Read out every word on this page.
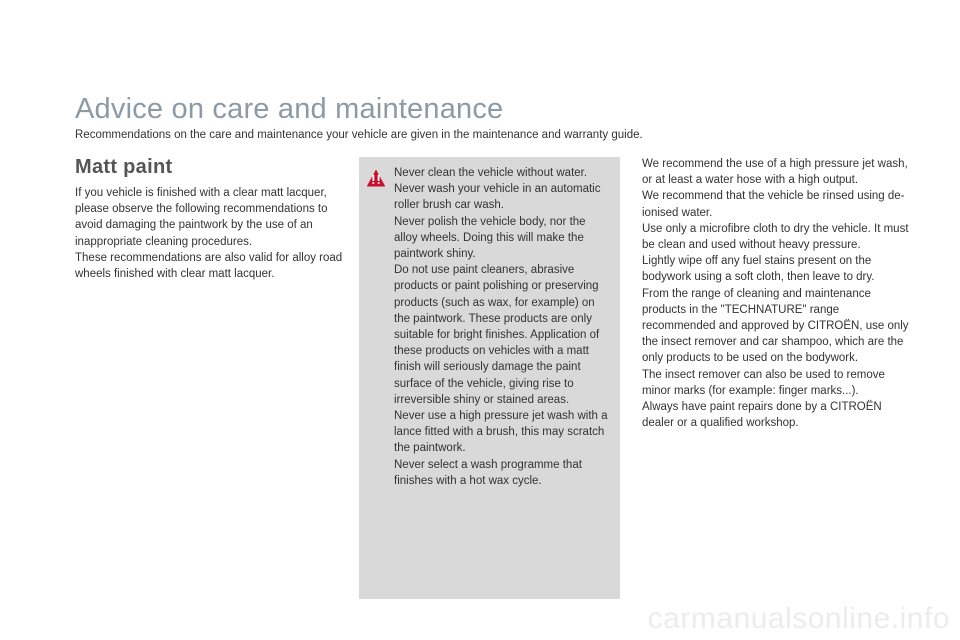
Advice on care and maintenance
Recommendations on the care and maintenance your vehicle are given in the maintenance and warranty guide.
Matt paint

If you vehicle is finished with a clear matt lacquer, please observe the following recommendations to avoid damaging the paintwork by the use of an inappropriate cleaning procedures.

These recommendations are also valid for alloy road wheels finished with clear matt lacquer.

Never clean the vehicle without water.

Never wash your vehicle in an automatic roller brush car wash.

Never polish the vehicle body, nor the alloy wheels. Doing this will make the paintwork shiny.

Do not use paint cleaners, abrasive products or paint polishing or preserving products (such as wax, for example) on the paintwork. These products are only suitable for bright finishes. Application of these products on vehicles with a matt finish will seriously damage the paint surface of the vehicle, giving rise to irreversible shiny or stained areas.

Never use a high pressure jet wash with a lance fitted with a brush, this may scratch the paintwork.

Never select a wash programme that finishes with a hot wax cycle.

We recommend the use of a high pressure jet wash, or at least a water hose with a high output.

We recommend that the vehicle be rinsed using de-ionised water.

Use only a microfibre cloth to dry the vehicle. It must be clean and used without heavy pressure.

Lightly wipe off any fuel stains present on the bodywork using a soft cloth, then leave to dry.

From the range of cleaning and maintenance products in the "TECHNATURE" range recommended and approved by CITROËN, use only the insect remover and car shampoo, which are the only products to be used on the bodywork.

The insect remover can also be used to remove minor marks (for example: finger marks...).

Always have paint repairs done by a CITROËN dealer or a qualified workshop.

carmanualsonline.info
